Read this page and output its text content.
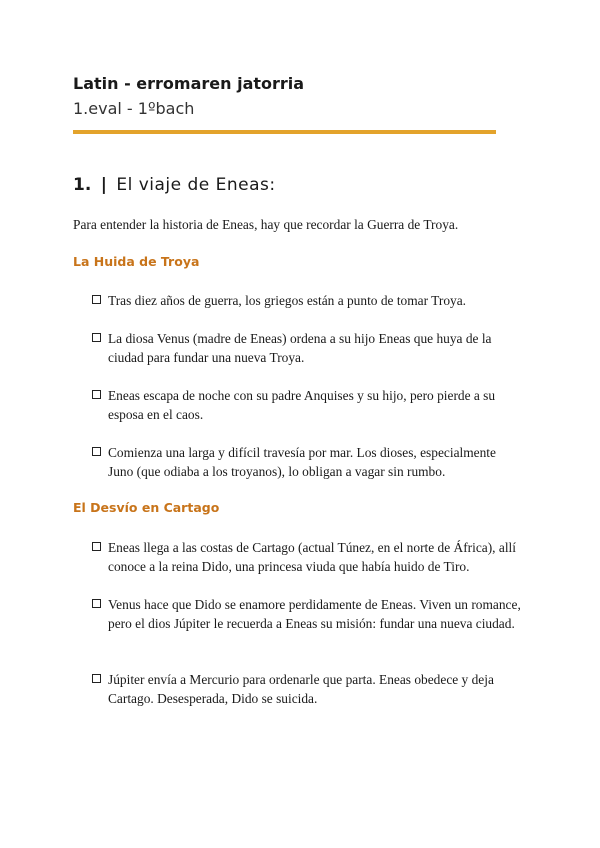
Latin - erromaren jatorria
1.eval - 1ºbach
1. | El viaje de Eneas:
Para entender la historia de Eneas, hay que recordar la Guerra de Troya.
La Huida de Troya
Tras diez años de guerra, los griegos están a punto de tomar Troya.
La diosa Venus (madre de Eneas) ordena a su hijo Eneas que huya de la ciudad para fundar una nueva Troya.
Eneas escapa de noche con su padre Anquises y su hijo, pero pierde a su esposa en el caos.
Comienza una larga y difícil travesía por mar. Los dioses, especialmente Juno (que odiaba a los troyanos), lo obligan a vagar sin rumbo.
El Desvío en Cartago
Eneas llega a las costas de Cartago (actual Túnez, en el norte de África), allí conoce a la reina Dido, una princesa viuda que había huido de Tiro.
Venus hace que Dido se enamore perdidamente de Eneas. Viven un romance, pero el dios Júpiter le recuerda a Eneas su misión: fundar una nueva ciudad.
Júpiter envía a Mercurio para ordenarle que parta. Eneas obedece y deja Cartago. Desesperada, Dido se suicida.
